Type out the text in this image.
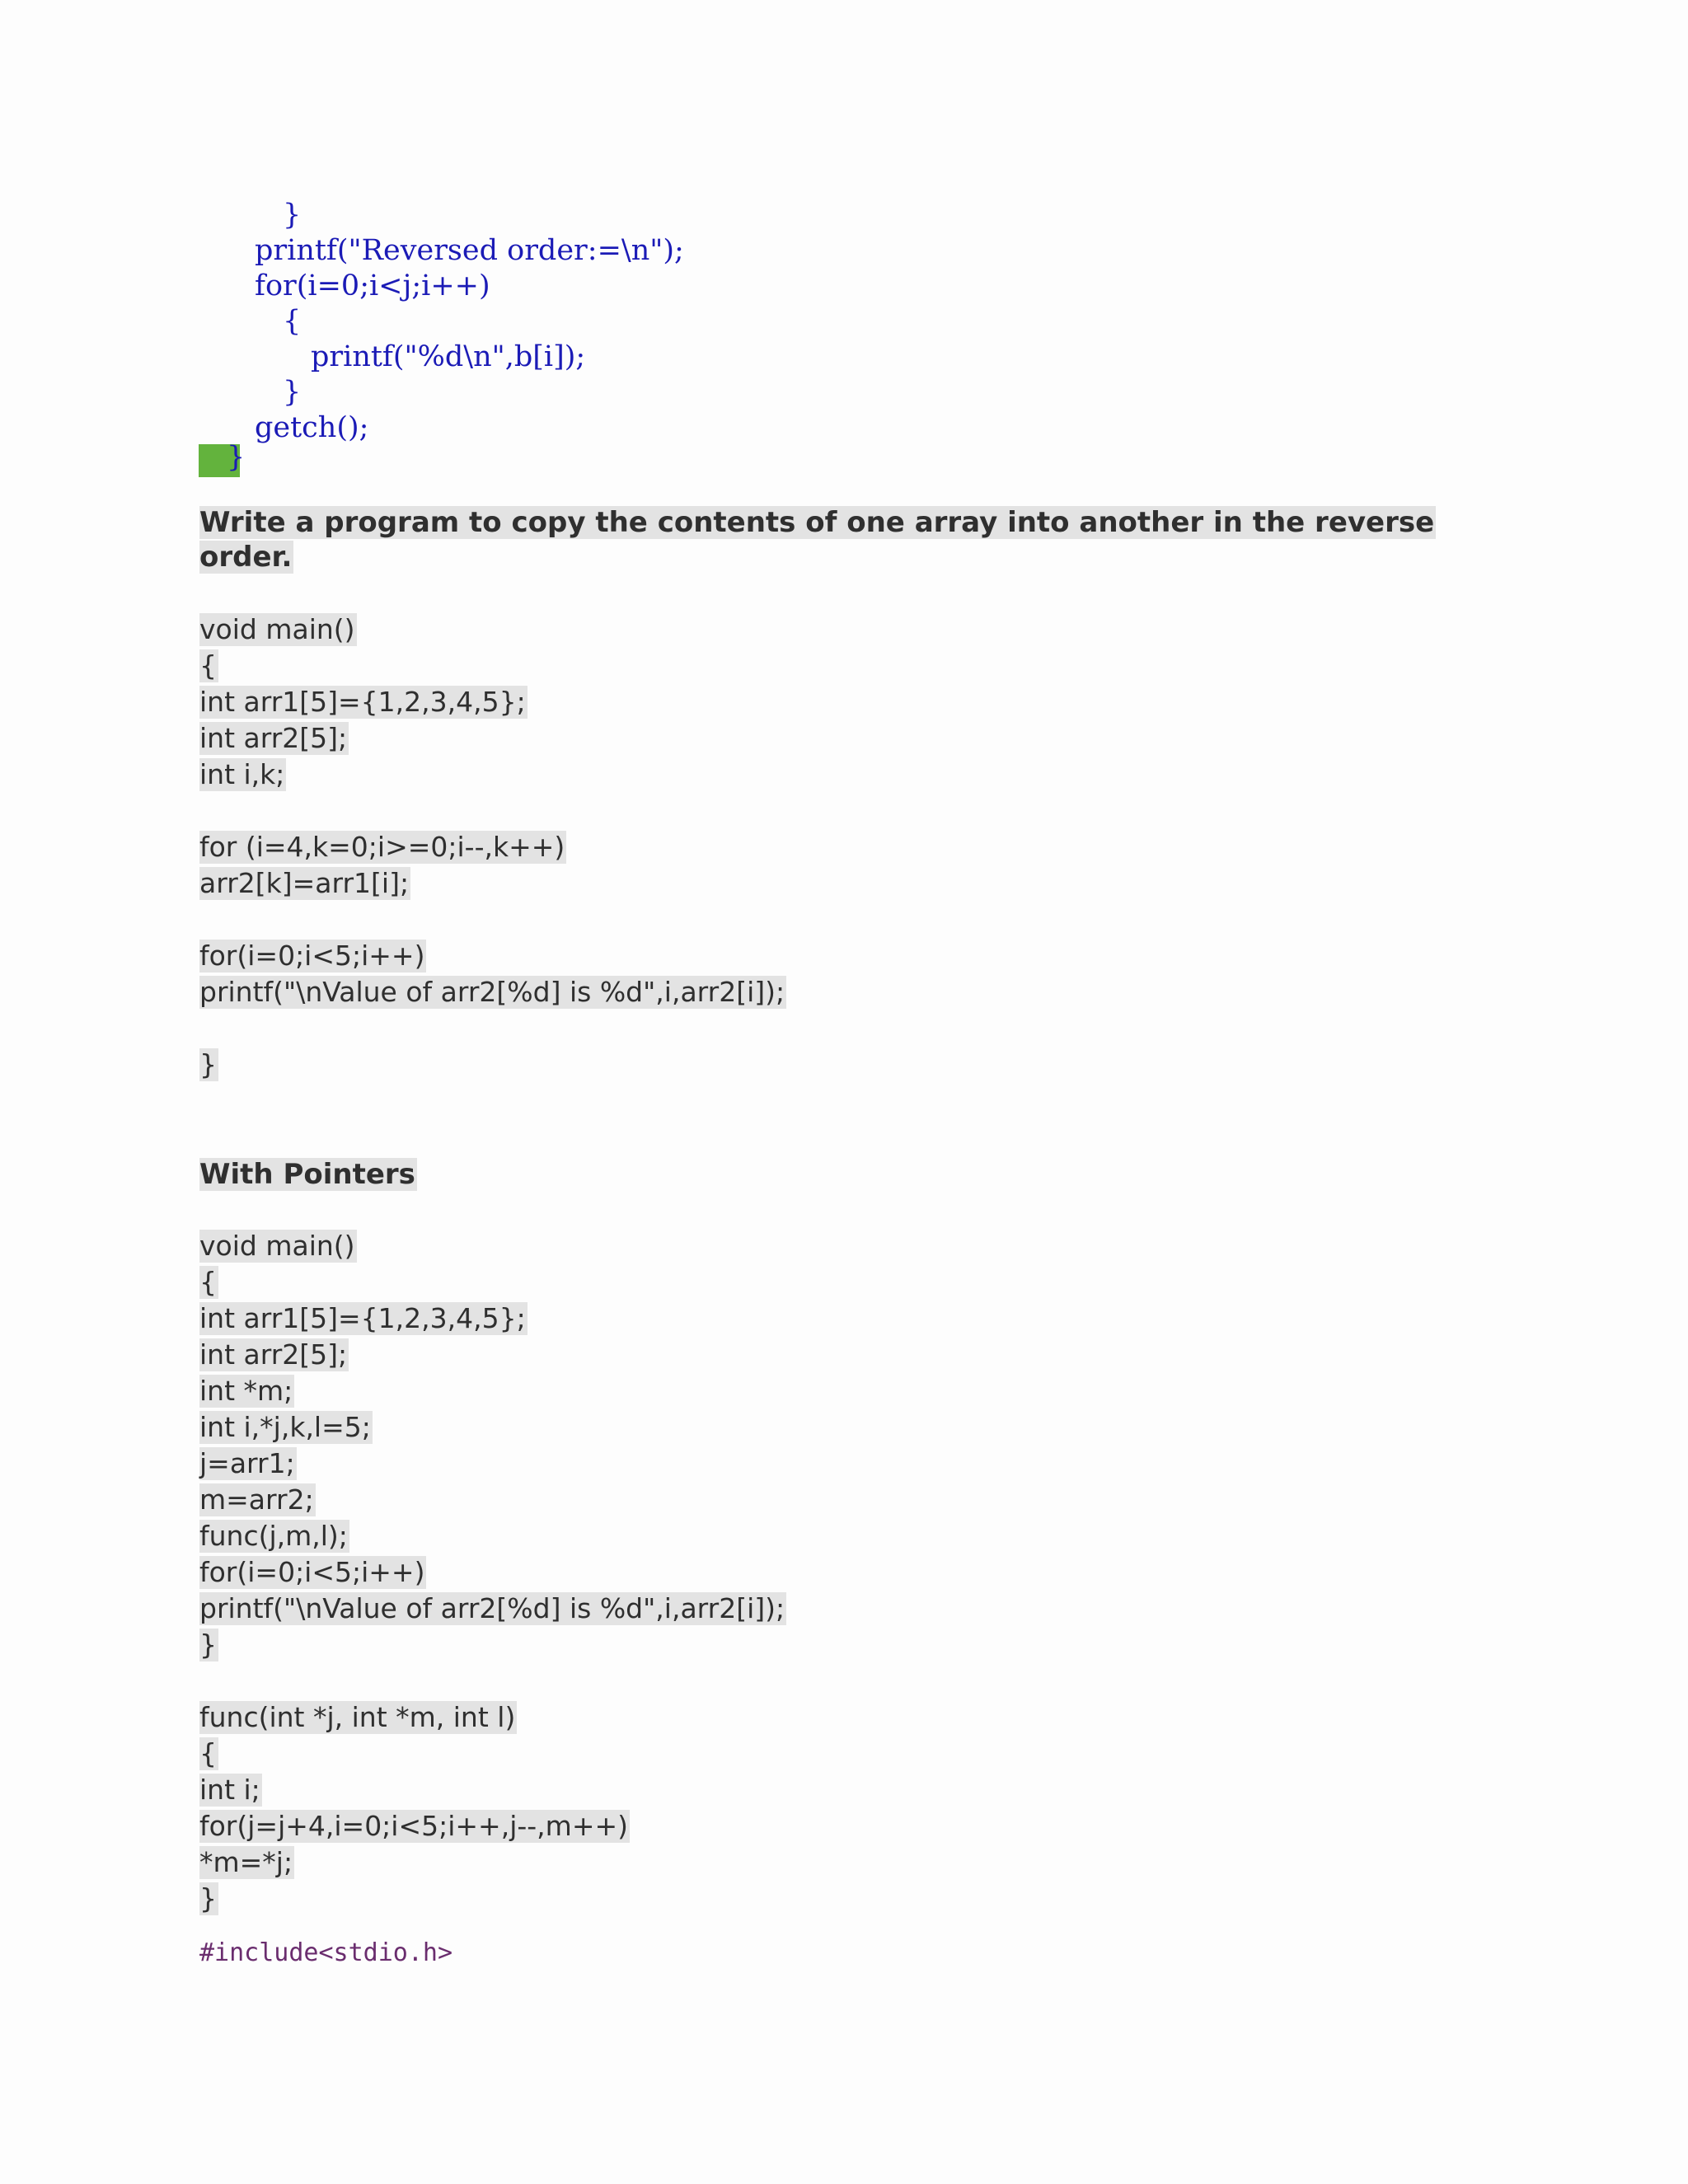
}

printf("Reversed order:=\n");

for(i=0;i<j;i++)

{

printf("%d\n",b[i]);

}

getch();

}

Write a program to copy the contents of one array into another in the reverse

order.

void main()

{

int arr1[5]={1,2,3,4,5};

int arr2[5];

int i,k;

for (i=4,k=0;i>=0;i--,k++)

arr2[k]=arr1[i];

for(i=0;i<5;i++)

printf("\nValue of arr2[%d] is %d",i,arr2[i]);

}

With Pointers

void main()

{

int arr1[5]={1,2,3,4,5};

int arr2[5];

int *m;

int i,*j,k,l=5;

j=arr1;

m=arr2;

func(j,m,l);

for(i=0;i<5;i++)

printf("\nValue of arr2[%d] is %d",i,arr2[i]);

}

func(int *j, int *m, int l)

{

int i;

for(j=j+4,i=0;i<5;i++,j--,m++)

*m=*j;

}

#include<stdio.h>
